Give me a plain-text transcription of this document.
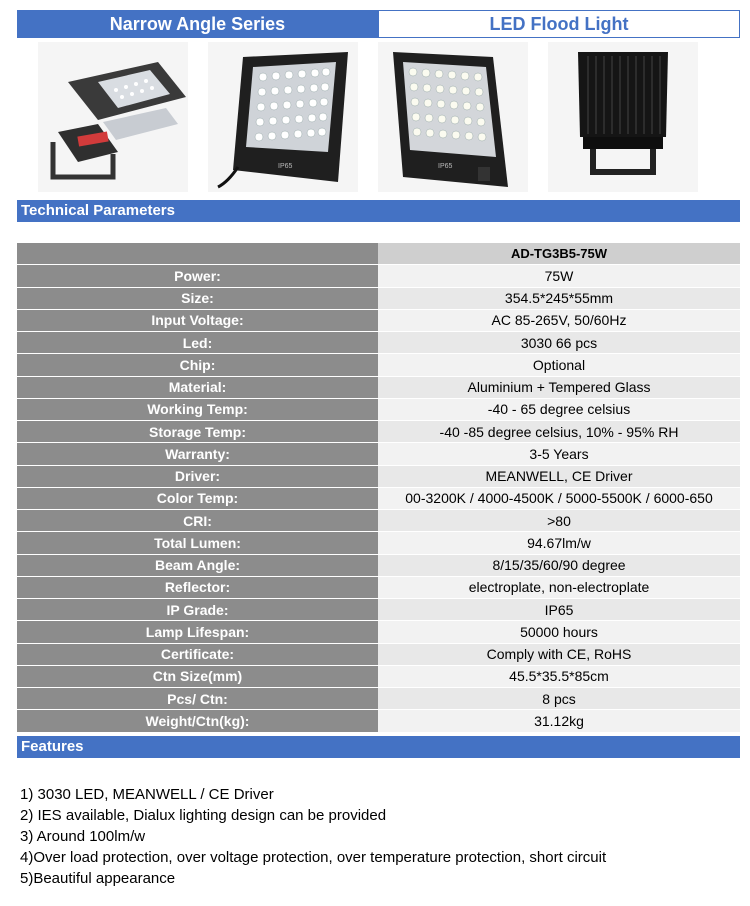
Narrow Angle Series	LED Flood Light
IP65	IP65
Technical Parameters
	AD-TG3B5-75W
Power:	75W
Size:	354.5*245*55mm
Input Voltage:	AC 85-265V, 50/60Hz
Led:	3030 66 pcs
Chip:	Optional
Material:	Aluminium + Tempered Glass
Working Temp:	-40 - 65 degree celsius
Storage Temp:	-40 -85 degree celsius, 10% - 95% RH
Warranty:	3-5 Years
Driver:	MEANWELL, CE Driver
Color Temp:	00-3200K / 4000-4500K / 5000-5500K / 6000-650
CRI:	>80
Total Lumen:	94.67lm/w
Beam Angle:	8/15/35/60/90 degree
Reflector:	electroplate, non-electroplate
IP Grade:	IP65
Lamp Lifespan:	50000 hours
Certificate:	Comply with CE, RoHS
Ctn Size(mm)	45.5*35.5*85cm
Pcs/ Ctn:	8 pcs
Weight/Ctn(kg):	31.12kg
Features
1) 3030 LED, MEANWELL / CE Driver
2) IES available, Dialux lighting design can be provided
3) Around 100lm/w
4)Over load protection, over voltage protection, over temperature protection, short circuit
5)Beautiful appearance
